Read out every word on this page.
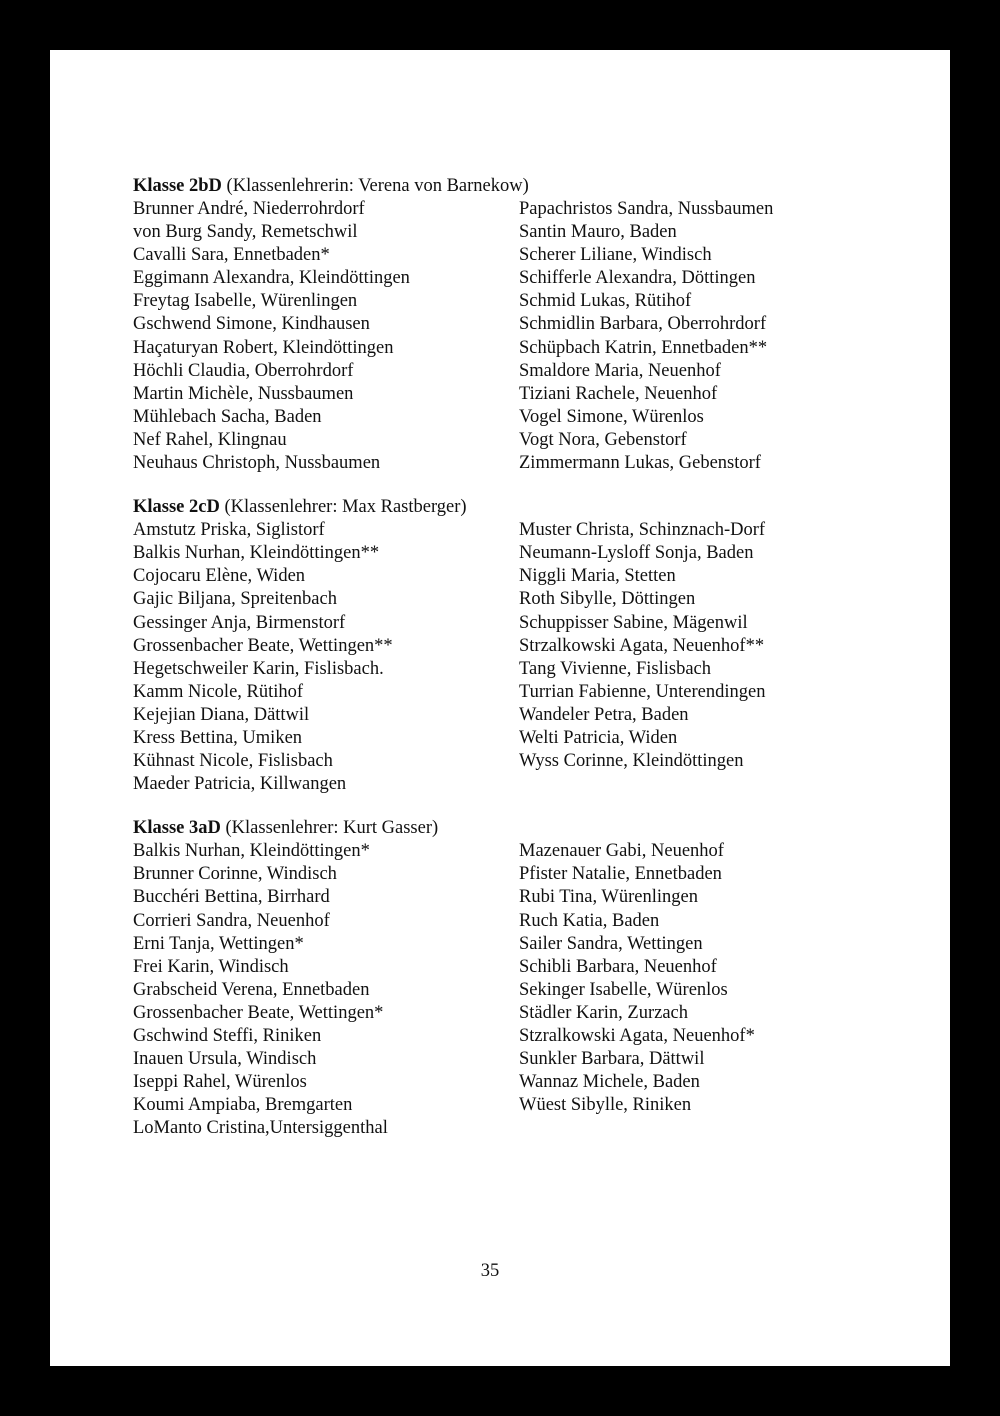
Klasse 2bD (Klassenlehrerin: Verena von Barnekow)
Brunner André, Niederrohrdorf
von Burg Sandy, Remetschwil
Cavalli Sara, Ennetbaden*
Eggimann Alexandra, Kleindöttingen
Freytag Isabelle, Würenlingen
Gschwend Simone, Kindhausen
Haçaturyan Robert, Kleindöttingen
Höchli Claudia, Oberrohrdorf
Martin Michèle, Nussbaumen
Mühlebach Sacha, Baden
Nef Rahel, Klingnau
Neuhaus Christoph, Nussbaumen
Papachristos Sandra, Nussbaumen
Santin Mauro, Baden
Scherer Liliane, Windisch
Schifferle Alexandra, Döttingen
Schmid Lukas, Rütihof
Schmidlin Barbara, Oberrohrdorf
Schüpbach Katrin, Ennetbaden**
Smaldore Maria, Neuenhof
Tiziani Rachele, Neuenhof
Vogel Simone, Würenlos
Vogt Nora, Gebenstorf
Zimmermann Lukas, Gebenstorf
Klasse 2cD (Klassenlehrer: Max Rastberger)
Amstutz Priska, Siglistorf
Balkis Nurhan, Kleindöttingen**
Cojocaru Elène, Widen
Gajic Biljana, Spreitenbach
Gessinger Anja, Birmenstorf
Grossenbacher Beate, Wettingen**
Hegetschweiler Karin, Fislisbach.
Kamm Nicole, Rütihof
Kejejian Diana, Dättwil
Kress Bettina, Umiken
Kühnast Nicole, Fislisbach
Maeder Patricia, Killwangen
Muster Christa, Schinznach-Dorf
Neumann-Lysloff Sonja, Baden
Niggli Maria, Stetten
Roth Sibylle, Döttingen
Schuppisser Sabine, Mägenwil
Strzalkowski Agata, Neuenhof**
Tang Vivienne, Fislisbach
Turrian Fabienne, Unterendingen
Wandeler Petra, Baden
Welti Patricia, Widen
Wyss Corinne, Kleindöttingen
Klasse 3aD (Klassenlehrer: Kurt Gasser)
Balkis Nurhan, Kleindöttingen*
Brunner Corinne, Windisch
Bucchéri Bettina, Birrhard
Corrieri Sandra, Neuenhof
Erni Tanja, Wettingen*
Frei Karin, Windisch
Grabscheid Verena, Ennetbaden
Grossenbacher Beate, Wettingen*
Gschwind Steffi, Riniken
Inauen Ursula, Windisch
Iseppi Rahel, Würenlos
Koumi Ampiaba, Bremgarten
LoManto Cristina,Untersiggenthal
Mazenauer Gabi, Neuenhof
Pfister Natalie, Ennetbaden
Rubi Tina, Würenlingen
Ruch Katia, Baden
Sailer Sandra, Wettingen
Schibli Barbara, Neuenhof
Sekinger Isabelle, Würenlos
Städler Karin, Zurzach
Stzralkowski Agata, Neuenhof*
Sunkler Barbara, Dättwil
Wannaz Michele, Baden
Wüest Sibylle, Riniken
35
